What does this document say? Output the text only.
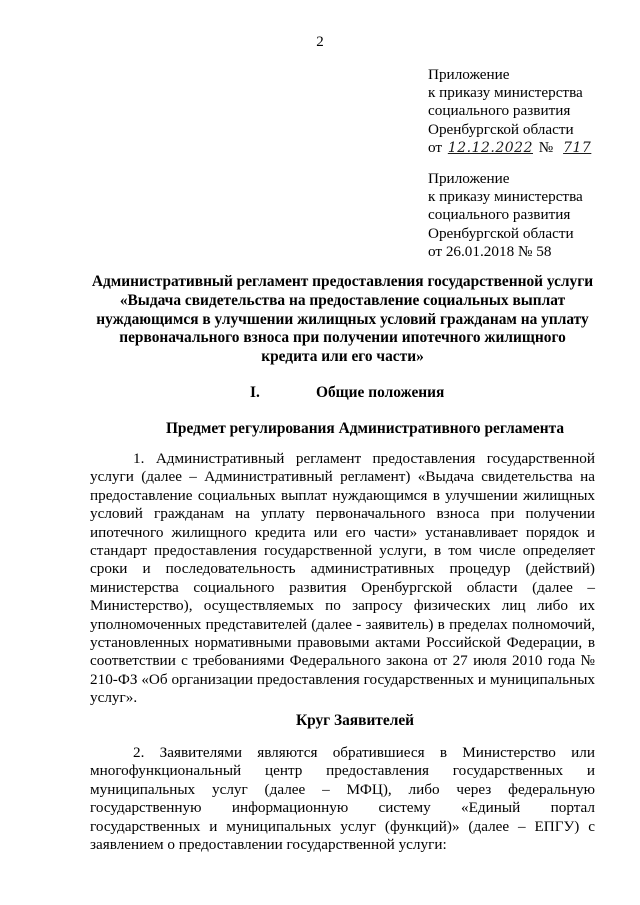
2
Приложение
к приказу министерства
социального развития
Оренбургской области
от 12.12.2022 № 717
Приложение
к приказу министерства
социального развития
Оренбургской области
от 26.01.2018 № 58
Административный регламент предоставления государственной услуги «Выдача свидетельства на предоставление социальных выплат нуждающимся в улучшении жилищных условий гражданам на уплату первоначального взноса при получении ипотечного жилищного кредита или его части»
I.	Общие положения
Предмет регулирования Административного регламента
1. Административный регламент предоставления государственной услуги (далее – Административный регламент) «Выдача свидетельства на предоставление социальных выплат нуждающимся в улучшении жилищных условий гражданам на уплату первоначального взноса при получении ипотечного жилищного кредита или его части» устанавливает порядок и стандарт предоставления государственной услуги, в том числе определяет сроки и последовательность административных процедур (действий) министерства социального развития Оренбургской области (далее – Министерство), осуществляемых по запросу физических лиц либо их уполномоченных представителей (далее - заявитель) в пределах полномочий, установленных нормативными правовыми актами Российской Федерации, в соответствии с требованиями Федерального закона от 27 июля 2010 года № 210-ФЗ «Об организации предоставления государственных и муниципальных услуг».
Круг Заявителей
2. Заявителями являются обратившиеся в Министерство или многофункциональный центр предоставления государственных и муниципальных услуг (далее – МФЦ), либо через федеральную государственную информационную систему «Единый портал государственных и муниципальных услуг (функций)» (далее – ЕПГУ) с заявлением о предоставлении государственной услуги:
